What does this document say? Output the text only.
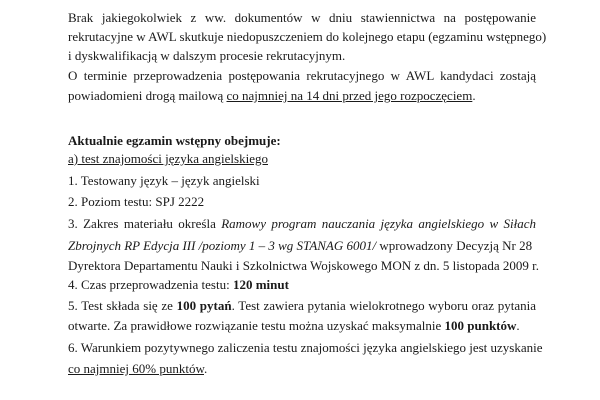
Brak jakiegokolwiek z ww. dokumentów w dniu stawiennictwa na postępowanie
rekrutacyjne w AWL skutkuje niedopuszczeniem do kolejnego etapu (egzaminu wstępnego)
i dyskwalifikacją w dalszym procesie rekrutacyjnym.
O terminie przeprowadzenia postępowania rekrutacyjnego w AWL kandydaci zostają
powiadomieni drogą mailową co najmniej na 14 dni przed jego rozpoczęciem.
Aktualnie egzamin wstępny obejmuje:
a) test znajomości języka angielskiego
1. Testowany język – język angielski
2. Poziom testu: SPJ 2222
3. Zakres materiału określa Ramowy program nauczania języka angielskiego w Siłach
Zbrojnych RP Edycja III /poziomy 1 – 3 wg STANAG 6001/ wprowadzony Decyzją Nr 28
Dyrektora Departamentu Nauki i Szkolnictwa Wojskowego MON z dn. 5 listopada 2009 r.
4. Czas przeprowadzenia testu: 120 minut
5. Test składa się ze 100 pytań. Test zawiera pytania wielokrotnego wyboru oraz pytania
otwarte. Za prawidłowe rozwiązanie testu można uzyskać maksymalnie 100 punktów.
6. Warunkiem pozytywnego zaliczenia testu znajomości języka angielskiego jest uzyskanie
co najmniej 60% punktów.
